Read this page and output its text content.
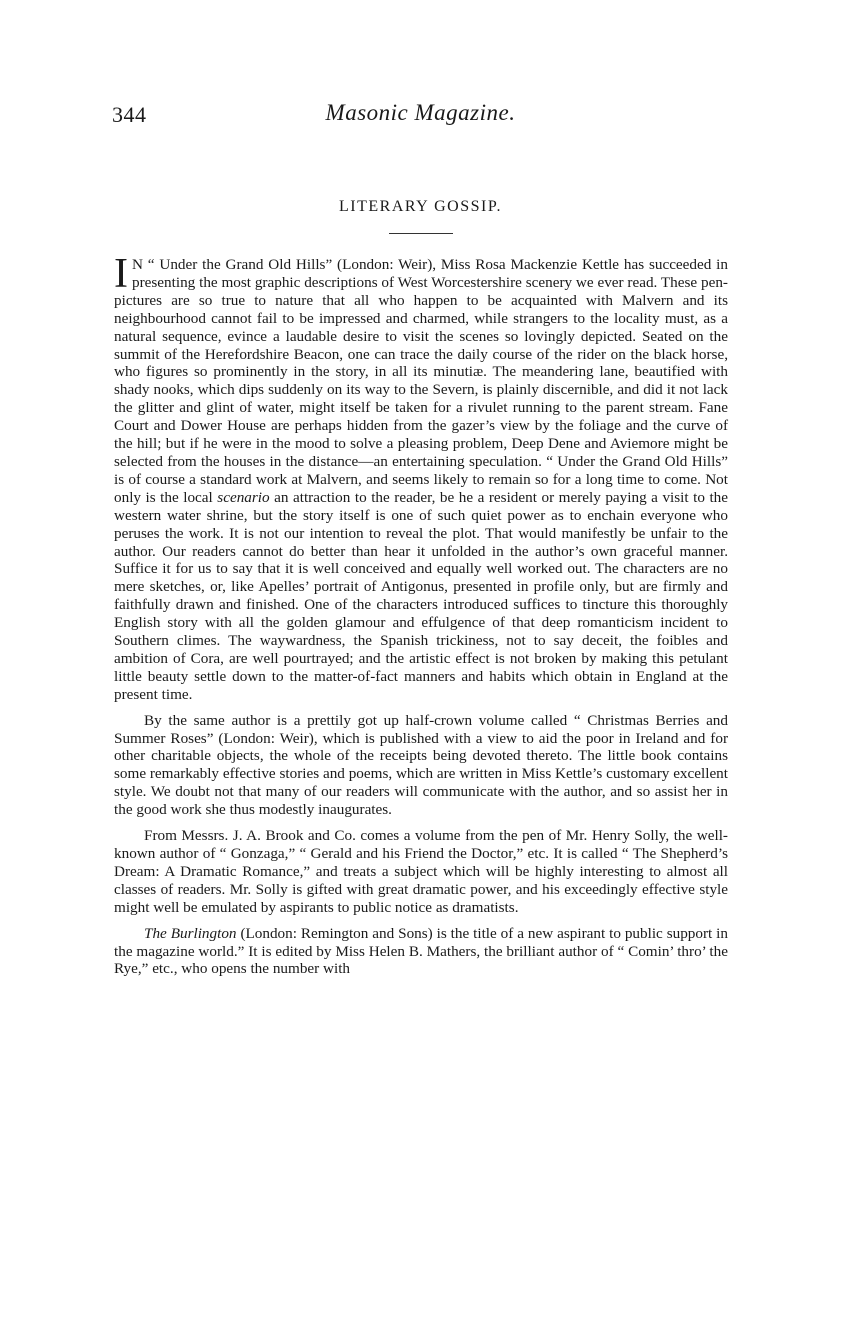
344	Masonic Magazine.
LITERARY GOSSIP.

I N “ Under the Grand Old Hills” (London: Weir), Miss Rosa Mackenzie Kettle has succeeded in presenting the most graphic descriptions of West Worcestershire scenery we ever read. These pen-pictures are so true to nature that all who happen to be acquainted with Malvern and its neighbourhood cannot fail to be impressed and charmed, while strangers to the locality must, as a natural sequence, evince a laudable desire to visit the scenes so lovingly depicted. Seated on the summit of the Herefordshire Beacon, one can trace the daily course of the rider on the black horse, who figures so prominently in the story, in all its minutiæ. The meandering lane, beautified with shady nooks, which dips suddenly on its way to the Severn, is plainly discernible, and did it not lack the glitter and glint of water, might itself be taken for a rivulet running to the parent stream. Fane Court and Dower House are perhaps hidden from the gazer’s view by the foliage and the curve of the hill; but if he were in the mood to solve a pleasing problem, Deep Dene and Aviemore might be selected from the houses in the distance—an entertaining speculation. “ Under the Grand Old Hills” is of course a standard work at Malvern, and seems likely to remain so for a long time to come. Not only is the local scenario an attraction to the reader, be he a resident or merely paying a visit to the western water shrine, but the story itself is one of such quiet power as to enchain everyone who peruses the work. It is not our intention to reveal the plot. That would manifestly be unfair to the author. Our readers cannot do better than hear it unfolded in the author’s own graceful manner. Suffice it for us to say that it is well conceived and equally well worked out. The characters are no mere sketches, or, like Apelles’ portrait of Antigonus, presented in profile only, but are firmly and faithfully drawn and finished. One of the characters introduced suffices to tincture this thoroughly English story with all the golden glamour and effulgence of that deep romanticism incident to Southern climes. The waywardness, the Spanish trickiness, not to say deceit, the foibles and ambition of Cora, are well pourtrayed; and the artistic effect is not broken by making this petulant little beauty settle down to the matter-of-fact manners and habits which obtain in England at the present time.

By the same author is a prettily got up half-crown volume called “ Christmas Berries and Summer Roses” (London: Weir), which is published with a view to aid the poor in Ireland and for other charitable objects, the whole of the receipts being devoted thereto. The little book contains some remarkably effective stories and poems, which are written in Miss Kettle’s customary excellent style. We doubt not that many of our readers will communicate with the author, and so assist her in the good work she thus modestly inaugurates.

From Messrs. J. A. Brook and Co. comes a volume from the pen of Mr. Henry Solly, the well-known author of “ Gonzaga,” “ Gerald and his Friend the Doctor,” etc. It is called “ The Shepherd’s Dream: A Dramatic Romance,” and treats a subject which will be highly interesting to almost all classes of readers. Mr. Solly is gifted with great dramatic power, and his exceedingly effective style might well be emulated by aspirants to public notice as dramatists.

The Burlington (London: Remington and Sons) is the title of a new aspirant to public support in the magazine world.” It is edited by Miss Helen B. Mathers, the brilliant author of “ Comin’ thro’ the Rye,” etc., who opens the number with
